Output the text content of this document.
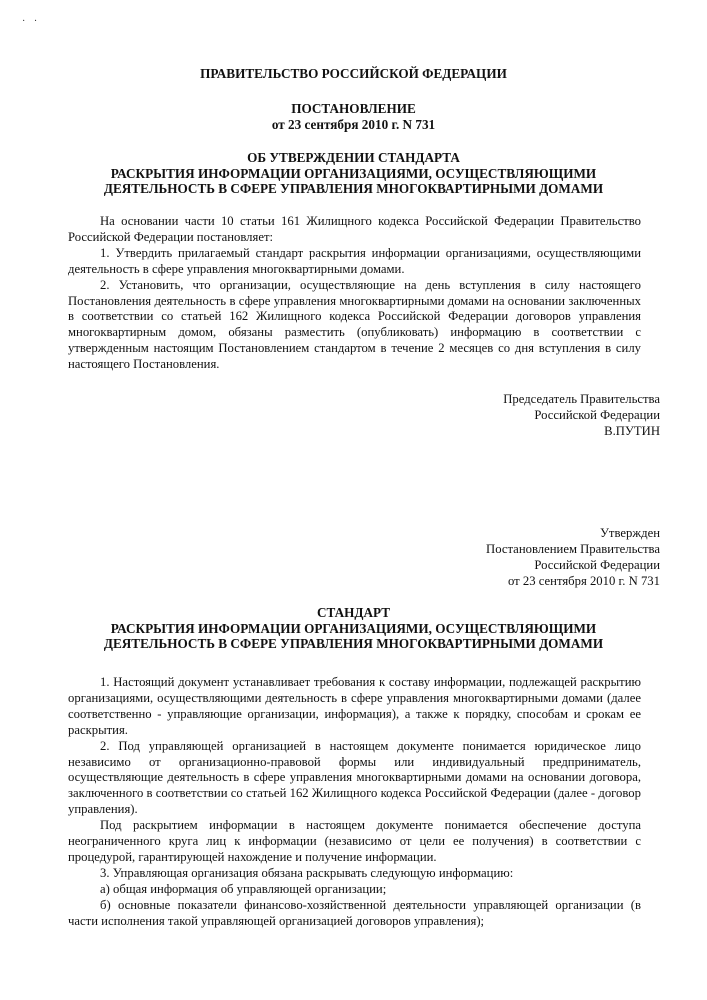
· ·

ПРАВИТЕЛЬСТВО РОССИЙСКОЙ ФЕДЕРАЦИИ

ПОСТАНОВЛЕНИЕ

от 23 сентября 2010 г. N 731

ОБ УТВЕРЖДЕНИИ СТАНДАРТА

РАСКРЫТИЯ ИНФОРМАЦИИ ОРГАНИЗАЦИЯМИ, ОСУЩЕСТВЛЯЮЩИМИ

ДЕЯТЕЛЬНОСТЬ В СФЕРЕ УПРАВЛЕНИЯ МНОГОКВАРТИРНЫМИ ДОМАМИ

На основании части 10 статьи 161 Жилищного кодекса Российской Федерации Правительство Российской Федерации постановляет:

1. Утвердить прилагаемый стандарт раскрытия информации организациями, осуществляющими деятельность в сфере управления многоквартирными домами.

2. Установить, что организации, осуществляющие на день вступления в силу настоящего Постановления деятельность в сфере управления многоквартирными домами на основании заключенных в соответствии со статьей 162 Жилищного кодекса Российской Федерации договоров управления многоквартирным домом, обязаны разместить (опубликовать) информацию в соответствии с утвержденным настоящим Постановлением стандартом в течение 2 месяцев со дня вступления в силу настоящего Постановления.

Председатель Правительства
Российской Федерации
В.ПУТИН
Утвержден
Постановлением Правительства
Российской Федерации
от 23 сентября 2010 г. N 731

СТАНДАРТ

РАСКРЫТИЯ ИНФОРМАЦИИ ОРГАНИЗАЦИЯМИ, ОСУЩЕСТВЛЯЮЩИМИ

ДЕЯТЕЛЬНОСТЬ В СФЕРЕ УПРАВЛЕНИЯ МНОГОКВАРТИРНЫМИ ДОМАМИ

1. Настоящий документ устанавливает требования к составу информации, подлежащей раскрытию организациями, осуществляющими деятельность в сфере управления многоквартирными домами (далее соответственно - управляющие организации, информация), а также к порядку, способам и срокам ее раскрытия.

2. Под управляющей организацией в настоящем документе понимается юридическое лицо независимо от организационно-правовой формы или индивидуальный предприниматель, осуществляющие деятельность в сфере управления многоквартирными домами на основании договора, заключенного в соответствии со статьей 162 Жилищного кодекса Российской Федерации (далее - договор управления).

Под раскрытием информации в настоящем документе понимается обеспечение доступа неограниченного круга лиц к информации (независимо от цели ее получения) в соответствии с процедурой, гарантирующей нахождение и получение информации.

3. Управляющая организация обязана раскрывать следующую информацию:

а) общая информация об управляющей организации;

б) основные показатели финансово-хозяйственной деятельности управляющей организации (в части исполнения такой управляющей организацией договоров управления);
